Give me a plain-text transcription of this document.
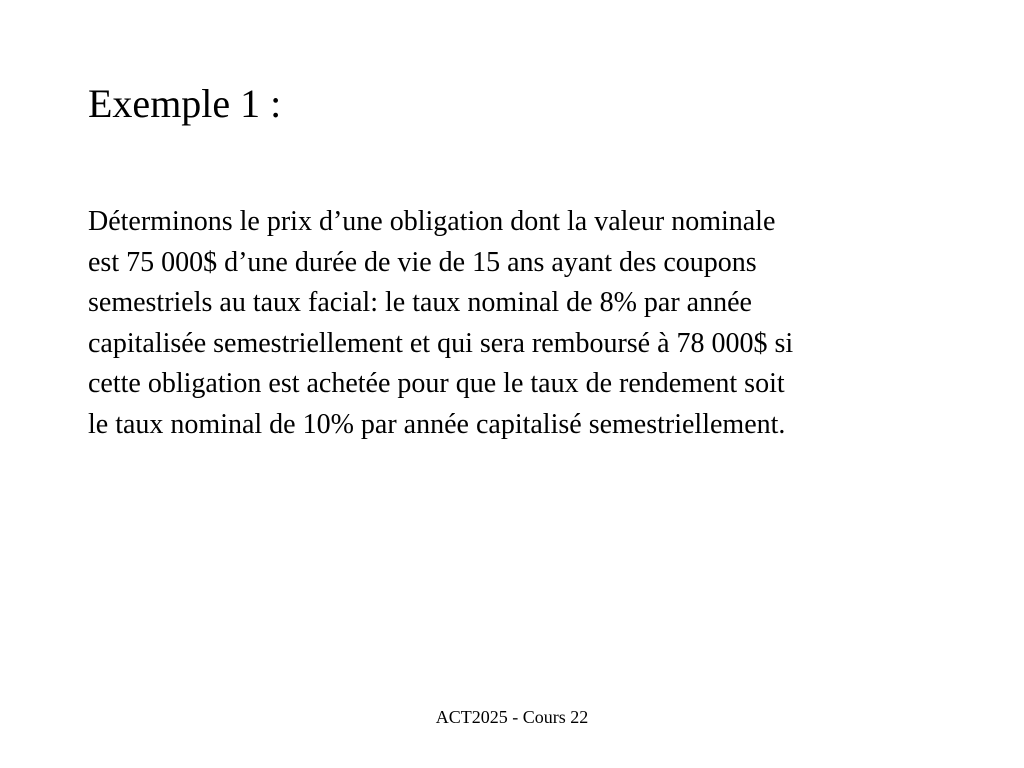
Exemple 1 :

Déterminons le prix d’une obligation dont la valeur nominale
est 75 000$ d’une durée de vie de 15 ans ayant des coupons
semestriels au taux facial: le taux nominal de 8% par année
capitalisée semestriellement et qui sera remboursé à 78 000$ si
cette obligation est achetée pour que le taux de rendement soit
le taux nominal de 10% par année capitalisé semestriellement.

ACT2025 - Cours 22
